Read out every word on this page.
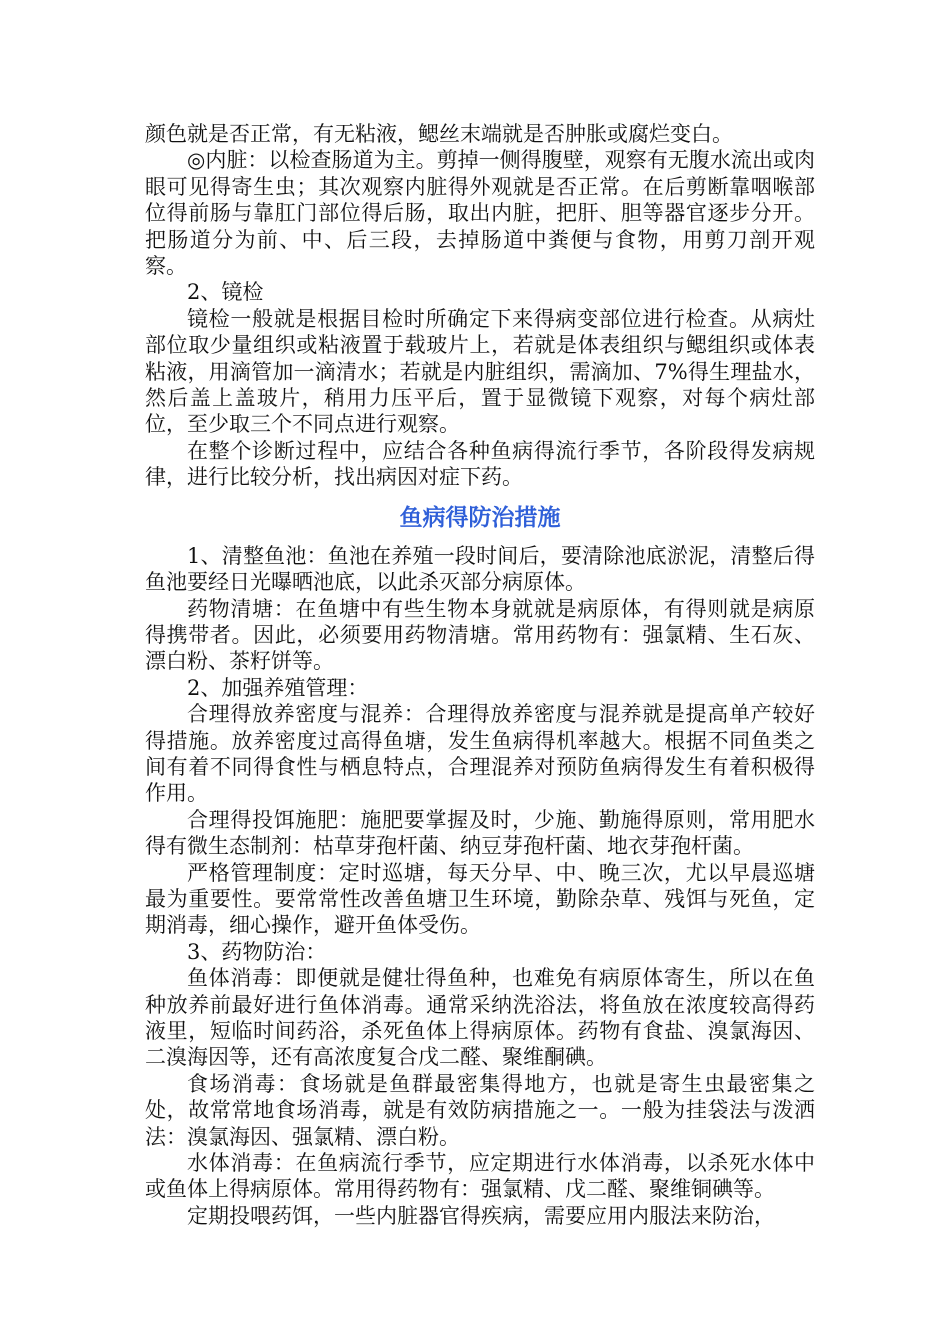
颜色就是否正常，有无粘液，鳃丝末端就是否肿胀或腐烂变白。

◎内脏：以检查肠道为主。剪掉一侧得腹壁，观察有无腹水流出或肉眼可见得寄生虫；其次观察内脏得外观就是否正常。在后剪断靠咽喉部位得前肠与靠肛门部位得后肠，取出内脏，把肝、胆等器官逐步分开。把肠道分为前、中、后三段，去掉肠道中粪便与食物，用剪刀剖开观察。

2、镜检

镜检一般就是根据目检时所确定下来得病变部位进行检查。从病灶部位取少量组织或粘液置于载玻片上，若就是体表组织与鳃组织或体表粘液，用滴管加一滴清水；若就是内脏组织，需滴加、7%得生理盐水，然后盖上盖玻片，稍用力压平后，置于显微镜下观察，对每个病灶部位，至少取三个不同点进行观察。

在整个诊断过程中，应结合各种鱼病得流行季节，各阶段得发病规律，进行比较分析，找出病因对症下药。

鱼病得防治措施

1、清整鱼池：鱼池在养殖一段时间后，要清除池底淤泥，清整后得鱼池要经日光曝晒池底，以此杀灭部分病原体。

药物清塘：在鱼塘中有些生物本身就就是病原体，有得则就是病原得携带者。因此，必须要用药物清塘。常用药物有：强氯精、生石灰、漂白粉、茶籽饼等。

2、加强养殖管理：

合理得放养密度与混养：合理得放养密度与混养就是提高单产较好得措施。放养密度过高得鱼塘，发生鱼病得机率越大。根据不同鱼类之间有着不同得食性与栖息特点，合理混养对预防鱼病得发生有着积极得作用。

合理得投饵施肥：施肥要掌握及时，少施、勤施得原则，常用肥水得有微生态制剂：枯草芽孢杆菌、纳豆芽孢杆菌、地衣芽孢杆菌。

严格管理制度：定时巡塘，每天分早、中、晚三次，尤以早晨巡塘最为重要性。要常常性改善鱼塘卫生环境，勤除杂草、残饵与死鱼，定期消毒，细心操作，避开鱼体受伤。

3、药物防治：

鱼体消毒：即便就是健壮得鱼种，也难免有病原体寄生，所以在鱼种放养前最好进行鱼体消毒。通常采纳洗浴法，将鱼放在浓度较高得药液里，短临时间药浴，杀死鱼体上得病原体。药物有食盐、溴氯海因、二溴海因等，还有高浓度复合戊二醛、聚维酮碘。

食场消毒：食场就是鱼群最密集得地方，也就是寄生虫最密集之处，故常常地食场消毒，就是有效防病措施之一。一般为挂袋法与泼洒法：溴氯海因、强氯精、漂白粉。

水体消毒：在鱼病流行季节，应定期进行水体消毒，以杀死水体中或鱼体上得病原体。常用得药物有：强氯精、戊二醛、聚维铜碘等。

定期投喂药饵，一些内脏器官得疾病，需要应用内服法来防治，
